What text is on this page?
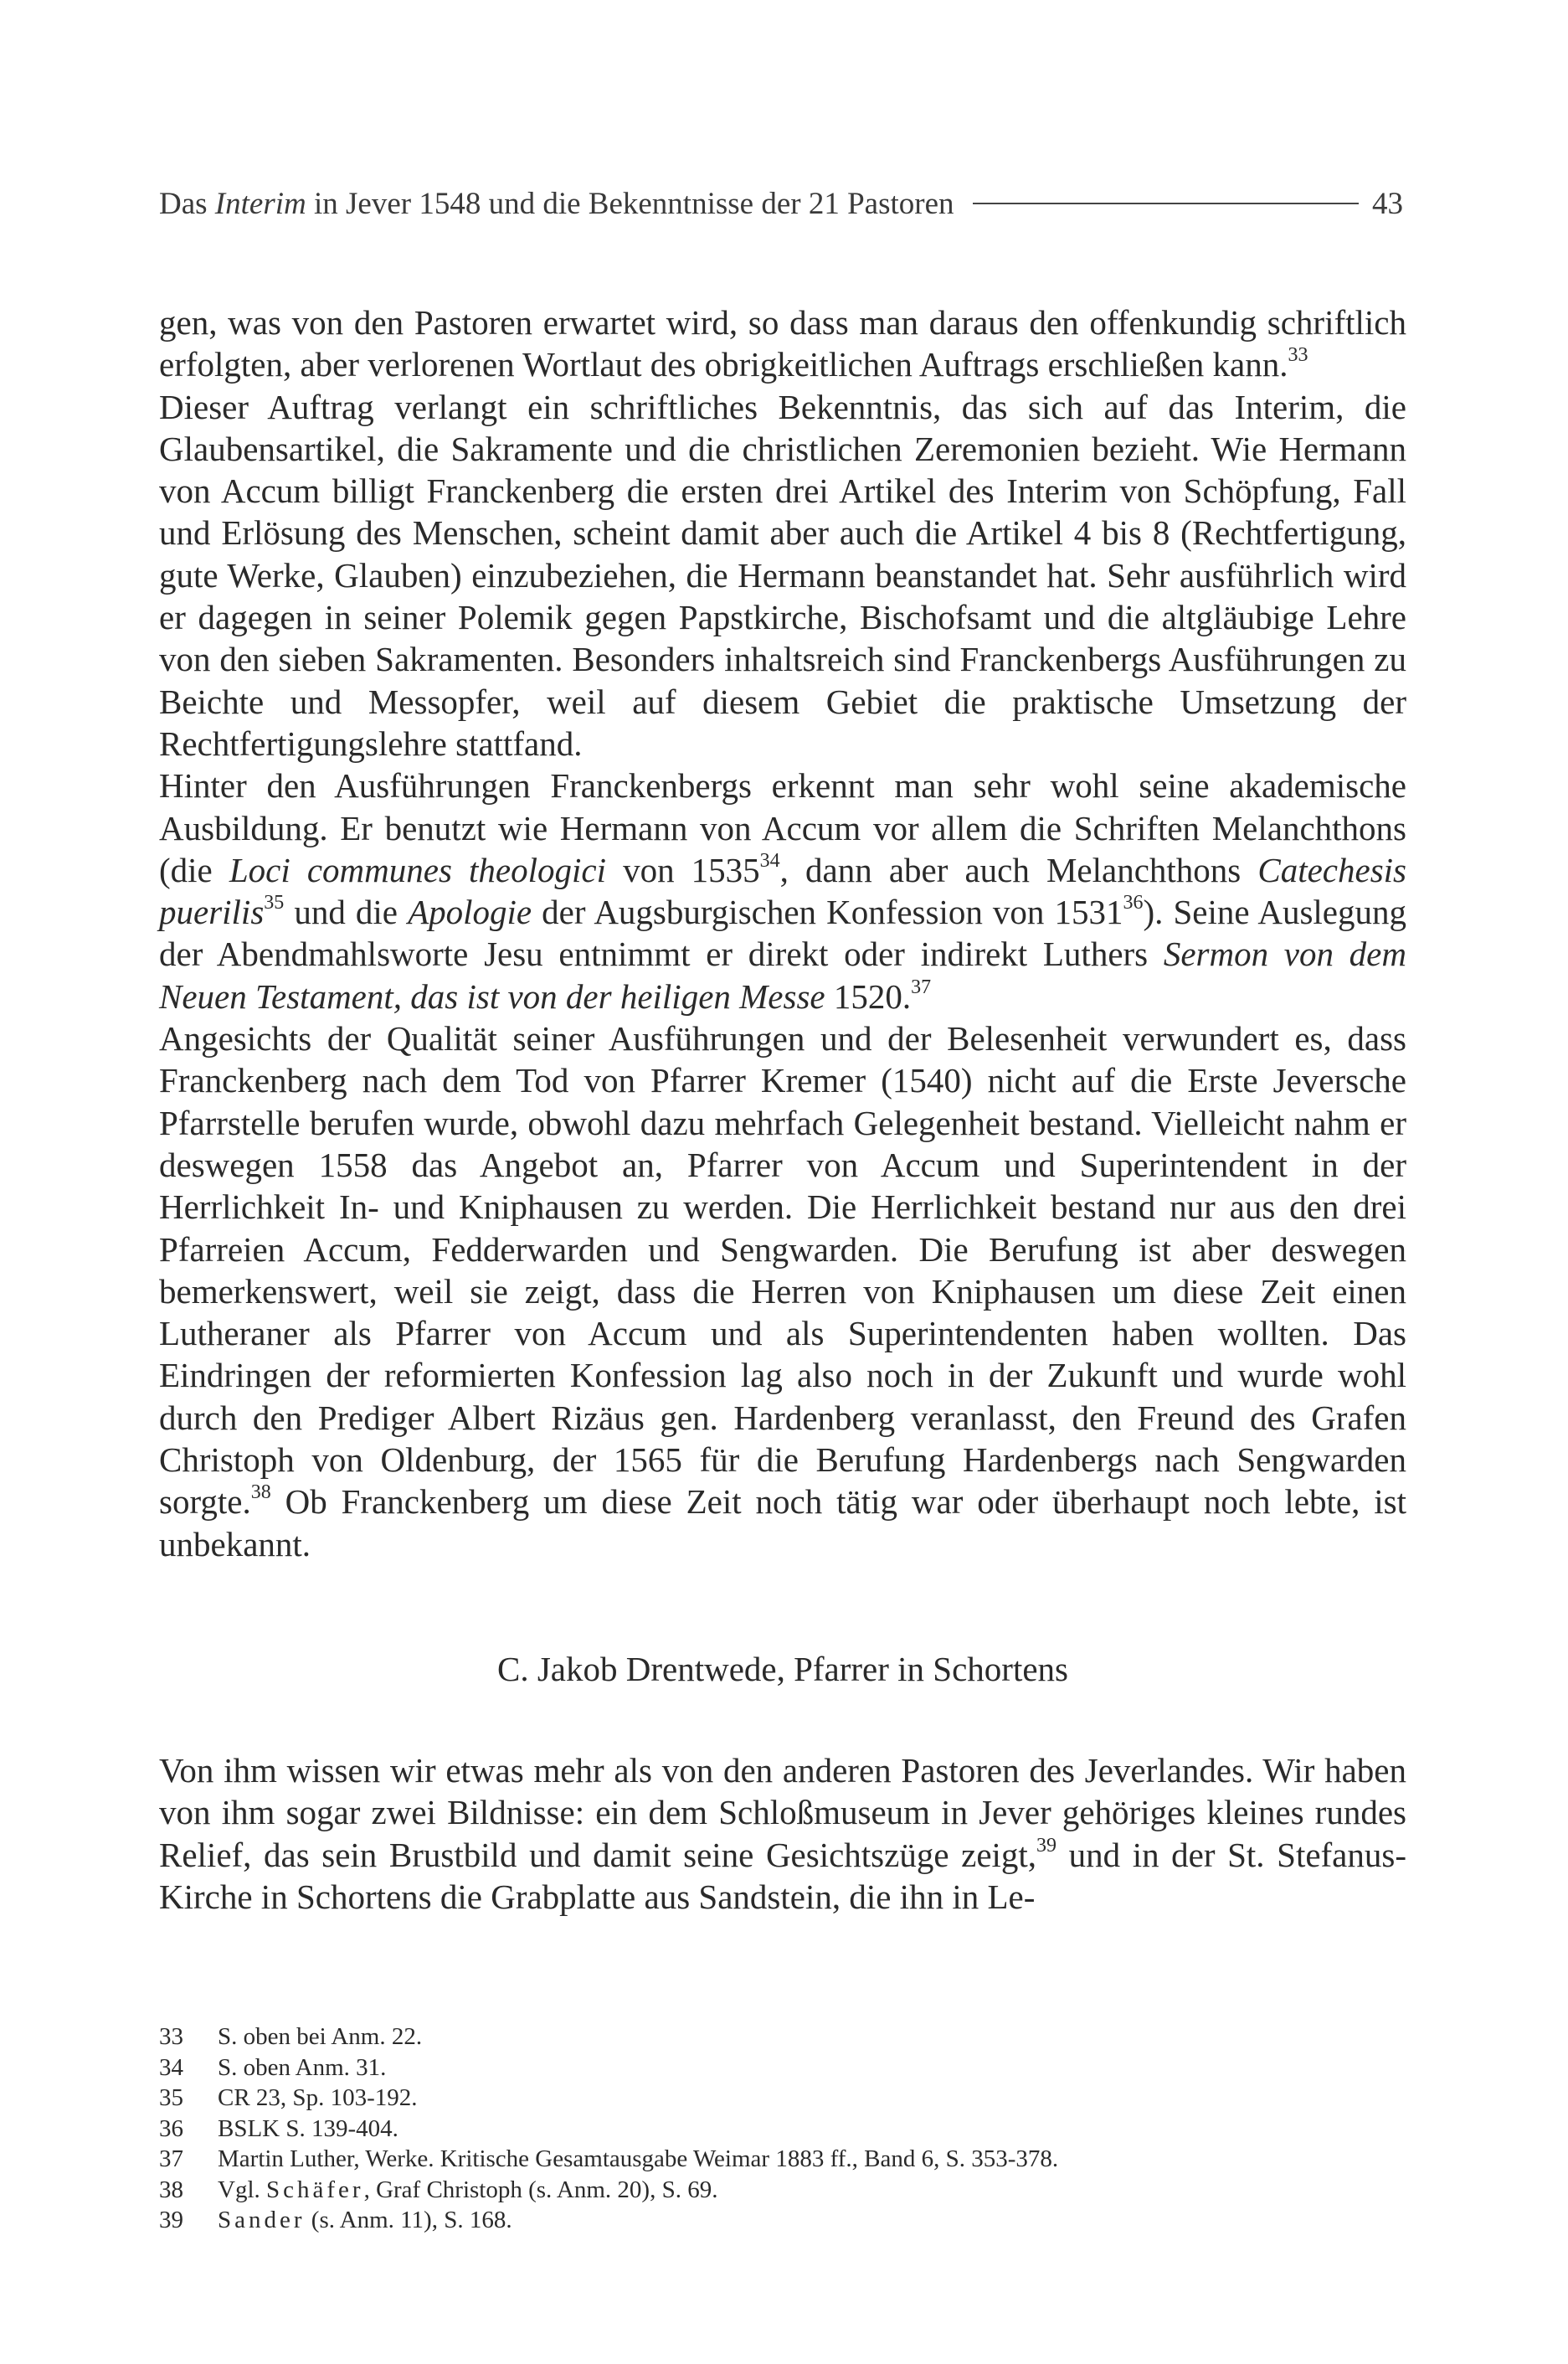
Das Interim in Jever 1548 und die Bekenntnisse der 21 Pastoren	43

gen, was von den Pastoren erwartet wird, so dass man daraus den offenkundig schriftlich erfolgten, aber verlorenen Wortlaut des obrigkeitlichen Auftrags erschließen kann.$^{33}$

Dieser Auftrag verlangt ein schriftliches Bekenntnis, das sich auf das Interim, die Glaubensartikel, die Sakramente und die christlichen Zeremonien bezieht. Wie Hermann von Accum billigt Franckenberg die ersten drei Artikel des Interim von Schöpfung, Fall und Erlösung des Menschen, scheint damit aber auch die Artikel 4 bis 8 (Rechtfertigung, gute Werke, Glauben) einzubeziehen, die Hermann beanstandet hat. Sehr ausführlich wird er dagegen in seiner Polemik gegen Papstkirche, Bischofsamt und die altgläubige Lehre von den sieben Sakramenten. Besonders inhaltsreich sind Franckenbergs Ausführungen zu Beichte und Messopfer, weil auf diesem Gebiet die praktische Umsetzung der Rechtfertigungslehre stattfand.

Hinter den Ausführungen Franckenbergs erkennt man sehr wohl seine akademische Ausbildung. Er benutzt wie Hermann von Accum vor allem die Schriften Melanchthons (die Loci communes theologici von 1535$^{34}$, dann aber auch Melanchthons Catechesis puerilis$^{35}$ und die Apologie der Augsburgischen Konfession von 1531$^{36}$). Seine Auslegung der Abendmahlsworte Jesu entnimmt er direkt oder indirekt Luthers Sermon von dem Neuen Testament, das ist von der heiligen Messe 1520.37

Angesichts der Qualität seiner Ausführungen und der Belesenheit verwundert es, dass Franckenberg nach dem Tod von Pfarrer Kremer (1540) nicht auf die Erste Jeversche Pfarrstelle berufen wurde, obwohl dazu mehrfach Gelegenheit bestand. Vielleicht nahm er deswegen 1558 das Angebot an, Pfarrer von Accum und Superintendent in der Herrlichkeit In- und Kniphausen zu werden. Die Herrlichkeit bestand nur aus den drei Pfarreien Accum, Fedderwarden und Sengwarden. Die Berufung ist aber deswegen bemerkenswert, weil sie zeigt, dass die Herren von Kniphausen um diese Zeit einen Lutheraner als Pfarrer von Accum und als Superintendenten haben wollten. Das Eindringen der reformierten Konfession lag also noch in der Zukunft und wurde wohl durch den Prediger Albert Rizäus gen. Hardenberg veranlasst, den Freund des Grafen Christoph von Oldenburg, der 1565 für die Berufung Hardenbergs nach Sengwarden sorgte.$^{38}$ Ob Franckenberg um diese Zeit noch tätig war oder überhaupt noch lebte, ist unbekannt.

C. Jakob Drentwede, Pfarrer in Schortens

Von ihm wissen wir etwas mehr als von den anderen Pastoren des Jeverlandes. Wir haben von ihm sogar zwei Bildnisse: ein dem Schloßmuseum in Jever gehöriges kleines rundes Relief, das sein Brustbild und damit seine Gesichtszüge zeigt,$^{39}$ und in der St. Stefanus-Kirche in Schortens die Grabplatte aus Sandstein, die ihn in Le-

33	S. oben bei Anm. 22.
34	S. oben Anm. 31.
35	CR 23, Sp. 103-192.
36	BSLK S. 139-404.
37	Martin Luther, Werke. Kritische Gesamtausgabe Weimar 1883 ff., Band 6, S. 353-378.
38	Vgl. Schäfer, Graf Christoph (s. Anm. 20), S. 69.
39	Sander (s. Anm. 11), S. 168.
